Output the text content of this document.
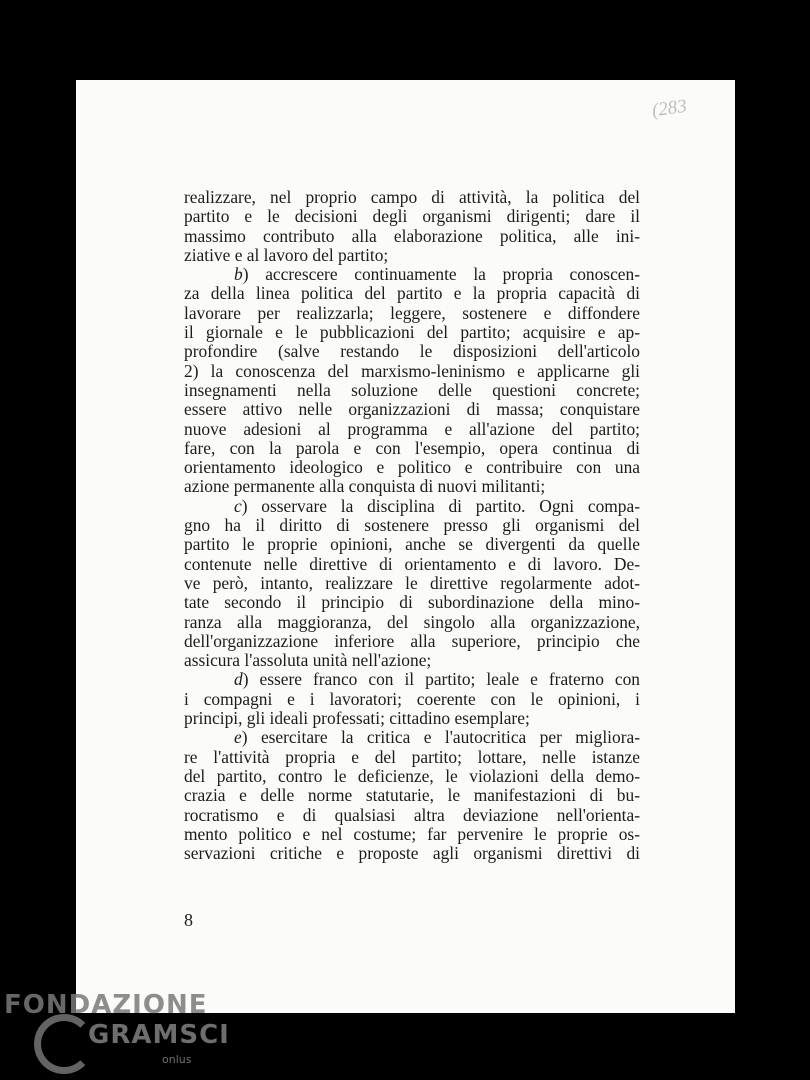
(283
realizzare, nel proprio campo di attività, la politica del
partito e le decisioni degli organismi dirigenti; dare il
massimo contributo alla elaborazione politica, alle ini-
ziative e al lavoro del partito;
b) accrescere continuamente la propria conoscen-
za della linea politica del partito e la propria capacità di
lavorare per realizzarla; leggere, sostenere e diffondere
il giornale e le pubblicazioni del partito; acquisire e ap-
profondire (salve restando le disposizioni dell'articolo
2) la conoscenza del marxismo-leninismo e applicarne gli
insegnamenti nella soluzione delle questioni concrete;
essere attivo nelle organizzazioni di massa; conquistare
nuove adesioni al programma e all'azione del partito;
fare, con la parola e con l'esempio, opera continua di
orientamento ideologico e politico e contribuire con una
azione permanente alla conquista di nuovi militanti;
c) osservare la disciplina di partito. Ogni compa-
gno ha il diritto di sostenere presso gli organismi del
partito le proprie opinioni, anche se divergenti da quelle
contenute nelle direttive di orientamento e di lavoro. De-
ve però, intanto, realizzare le direttive regolarmente adot-
tate secondo il principio di subordinazione della mino-
ranza alla maggioranza, del singolo alla organizzazione,
dell'organizzazione inferiore alla superiore, principio che
assicura l'assoluta unità nell'azione;
d) essere franco con il partito; leale e fraterno con
i compagni e i lavoratori; coerente con le opinioni, i
principi, gli ideali professati; cittadino esemplare;
e) esercitare la critica e l'autocritica per migliora-
re l'attività propria e del partito; lottare, nelle istanze
del partito, contro le deficienze, le violazioni della demo-
crazia e delle norme statutarie, le manifestazioni di bu-
rocratismo e di qualsiasi altra deviazione nell'orienta-
mento politico e nel costume; far pervenire le proprie os-
servazioni critiche e proposte agli organismi direttivi di
8
FONDAZIONE
GRAMSCI
onlus
